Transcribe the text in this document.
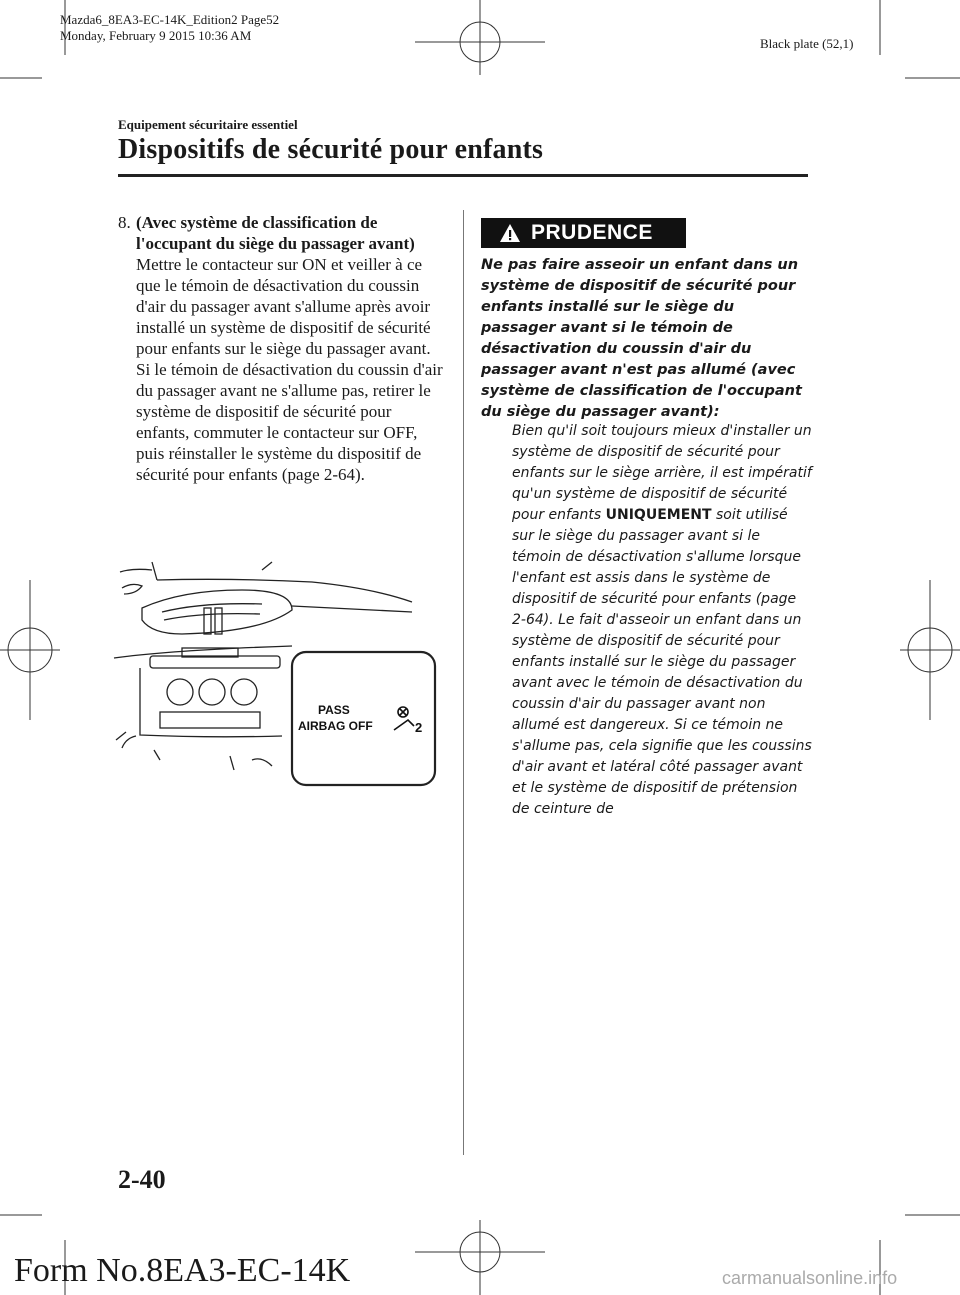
Mazda6_8EA3-EC-14K_Edition2 Page52
Monday, February 9 2015 10:36 AM
Black plate (52,1)
Equipement sécuritaire essentiel
Dispositifs de sécurité pour enfants
8. (Avec système de classification de l'occupant du siège du passager avant)
Mettre le contacteur sur ON et veiller à ce que le témoin de désactivation du coussin d'air du passager avant s'allume après avoir installé un système de dispositif de sécurité pour enfants sur le siège du passager avant.
Si le témoin de désactivation du coussin d'air du passager avant ne s'allume pas, retirer le système de dispositif de sécurité pour enfants, commuter le contacteur sur OFF, puis réinstaller le système du dispositif de sécurité pour enfants (page 2-64).
PASS
AIRBAG OFF	2
PRUDENCE
Ne pas faire asseoir un enfant dans un système de dispositif de sécurité pour enfants installé sur le siège du passager avant si le témoin de désactivation du coussin d'air du passager avant n'est pas allumé (avec système de classification de l'occupant du siège du passager avant):
Bien qu'il soit toujours mieux d'installer un système de dispositif de sécurité pour enfants sur le siège arrière, il est impératif qu'un système de dispositif de sécurité pour enfants UNIQUEMENT soit utilisé sur le siège du passager avant si le témoin de désactivation s'allume lorsque l'enfant est assis dans le système de dispositif de sécurité pour enfants (page 2-64). Le fait d'asseoir un enfant dans un système de dispositif de sécurité pour enfants installé sur le siège du passager avant avec le témoin de désactivation du coussin d'air du passager avant non allumé est dangereux. Si ce témoin ne s'allume pas, cela signifie que les coussins d'air avant et latéral côté passager avant et le système de dispositif de prétension de ceinture de
2-40
Form No.8EA3-EC-14K	carmanualsonline.info
